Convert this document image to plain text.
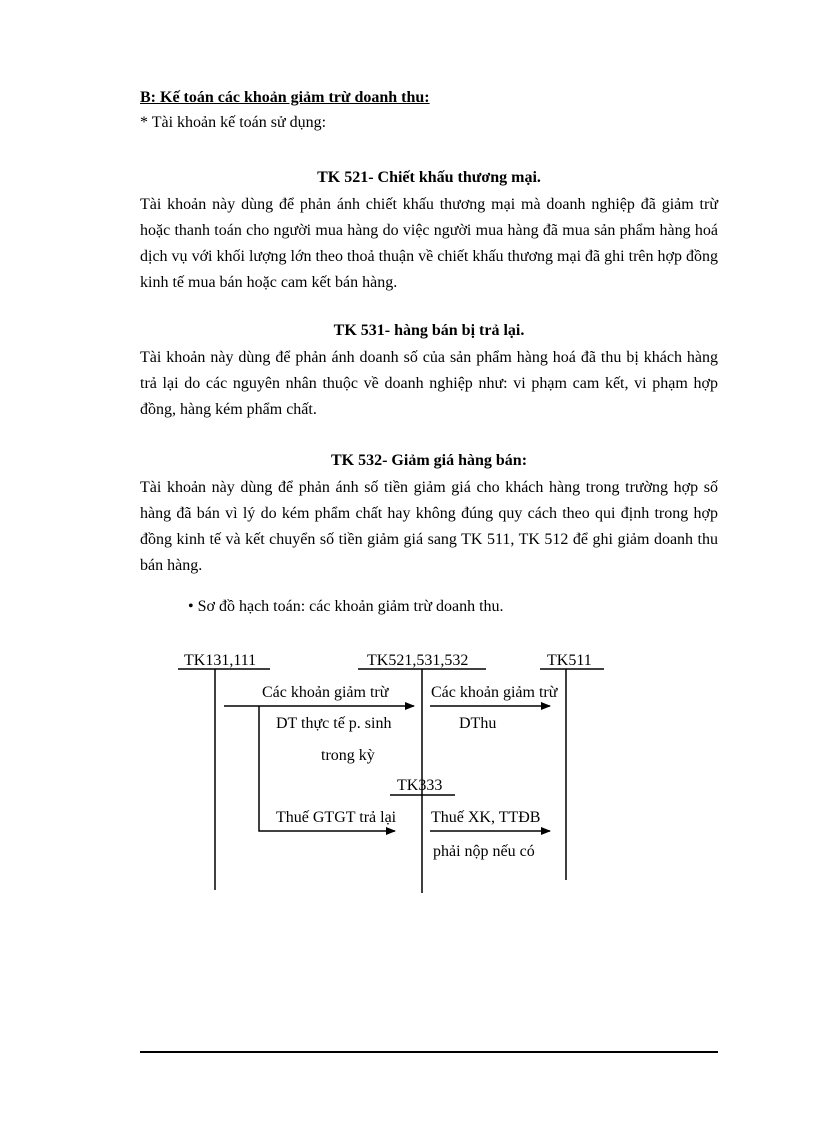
B: Kế toán các khoản giảm trừ doanh thu:
* Tài khoản kế toán sử dụng:
TK 521- Chiết khấu thương mại.
Tài khoản này dùng để phản ánh chiết khấu thương mại mà doanh nghiệp đã giảm trừ hoặc thanh toán cho người mua hàng do việc người mua hàng đã mua sản phẩm hàng hoá dịch vụ với khối lượng lớn theo thoả thuận về chiết khấu thương mại đã ghi trên hợp đồng kinh tế mua bán hoặc cam kết bán hàng.
TK 531- hàng bán bị trả lại.
Tài khoản này dùng để phản ánh doanh số của sản phẩm hàng hoá đã thu bị khách hàng trả lại do các nguyên nhân thuộc về doanh nghiệp như: vi phạm cam kết, vi phạm hợp đồng, hàng kém phẩm chất.
TK 532- Giảm giá hàng bán:
Tài khoản này dùng để phản ánh số tiền giảm giá cho khách hàng trong trường hợp số hàng đã bán vì lý do kém phẩm chất hay không đúng quy cách theo qui định trong hợp đồng kinh tế và kết chuyển số tiền giảm giá sang TK 511, TK 512 để ghi giảm doanh thu bán hàng.
• Sơ đồ hạch toán: các khoản giảm trừ doanh thu.
TK131,111	TK521,531,532	TK511
TK333
Các khoản giảm trừ
DT thực tế p. sinh
trong kỳ
Các khoản giảm trừ
DThu
Thuế GTGT trả lại Thuế XK, TTĐB
phải nộp nếu có
